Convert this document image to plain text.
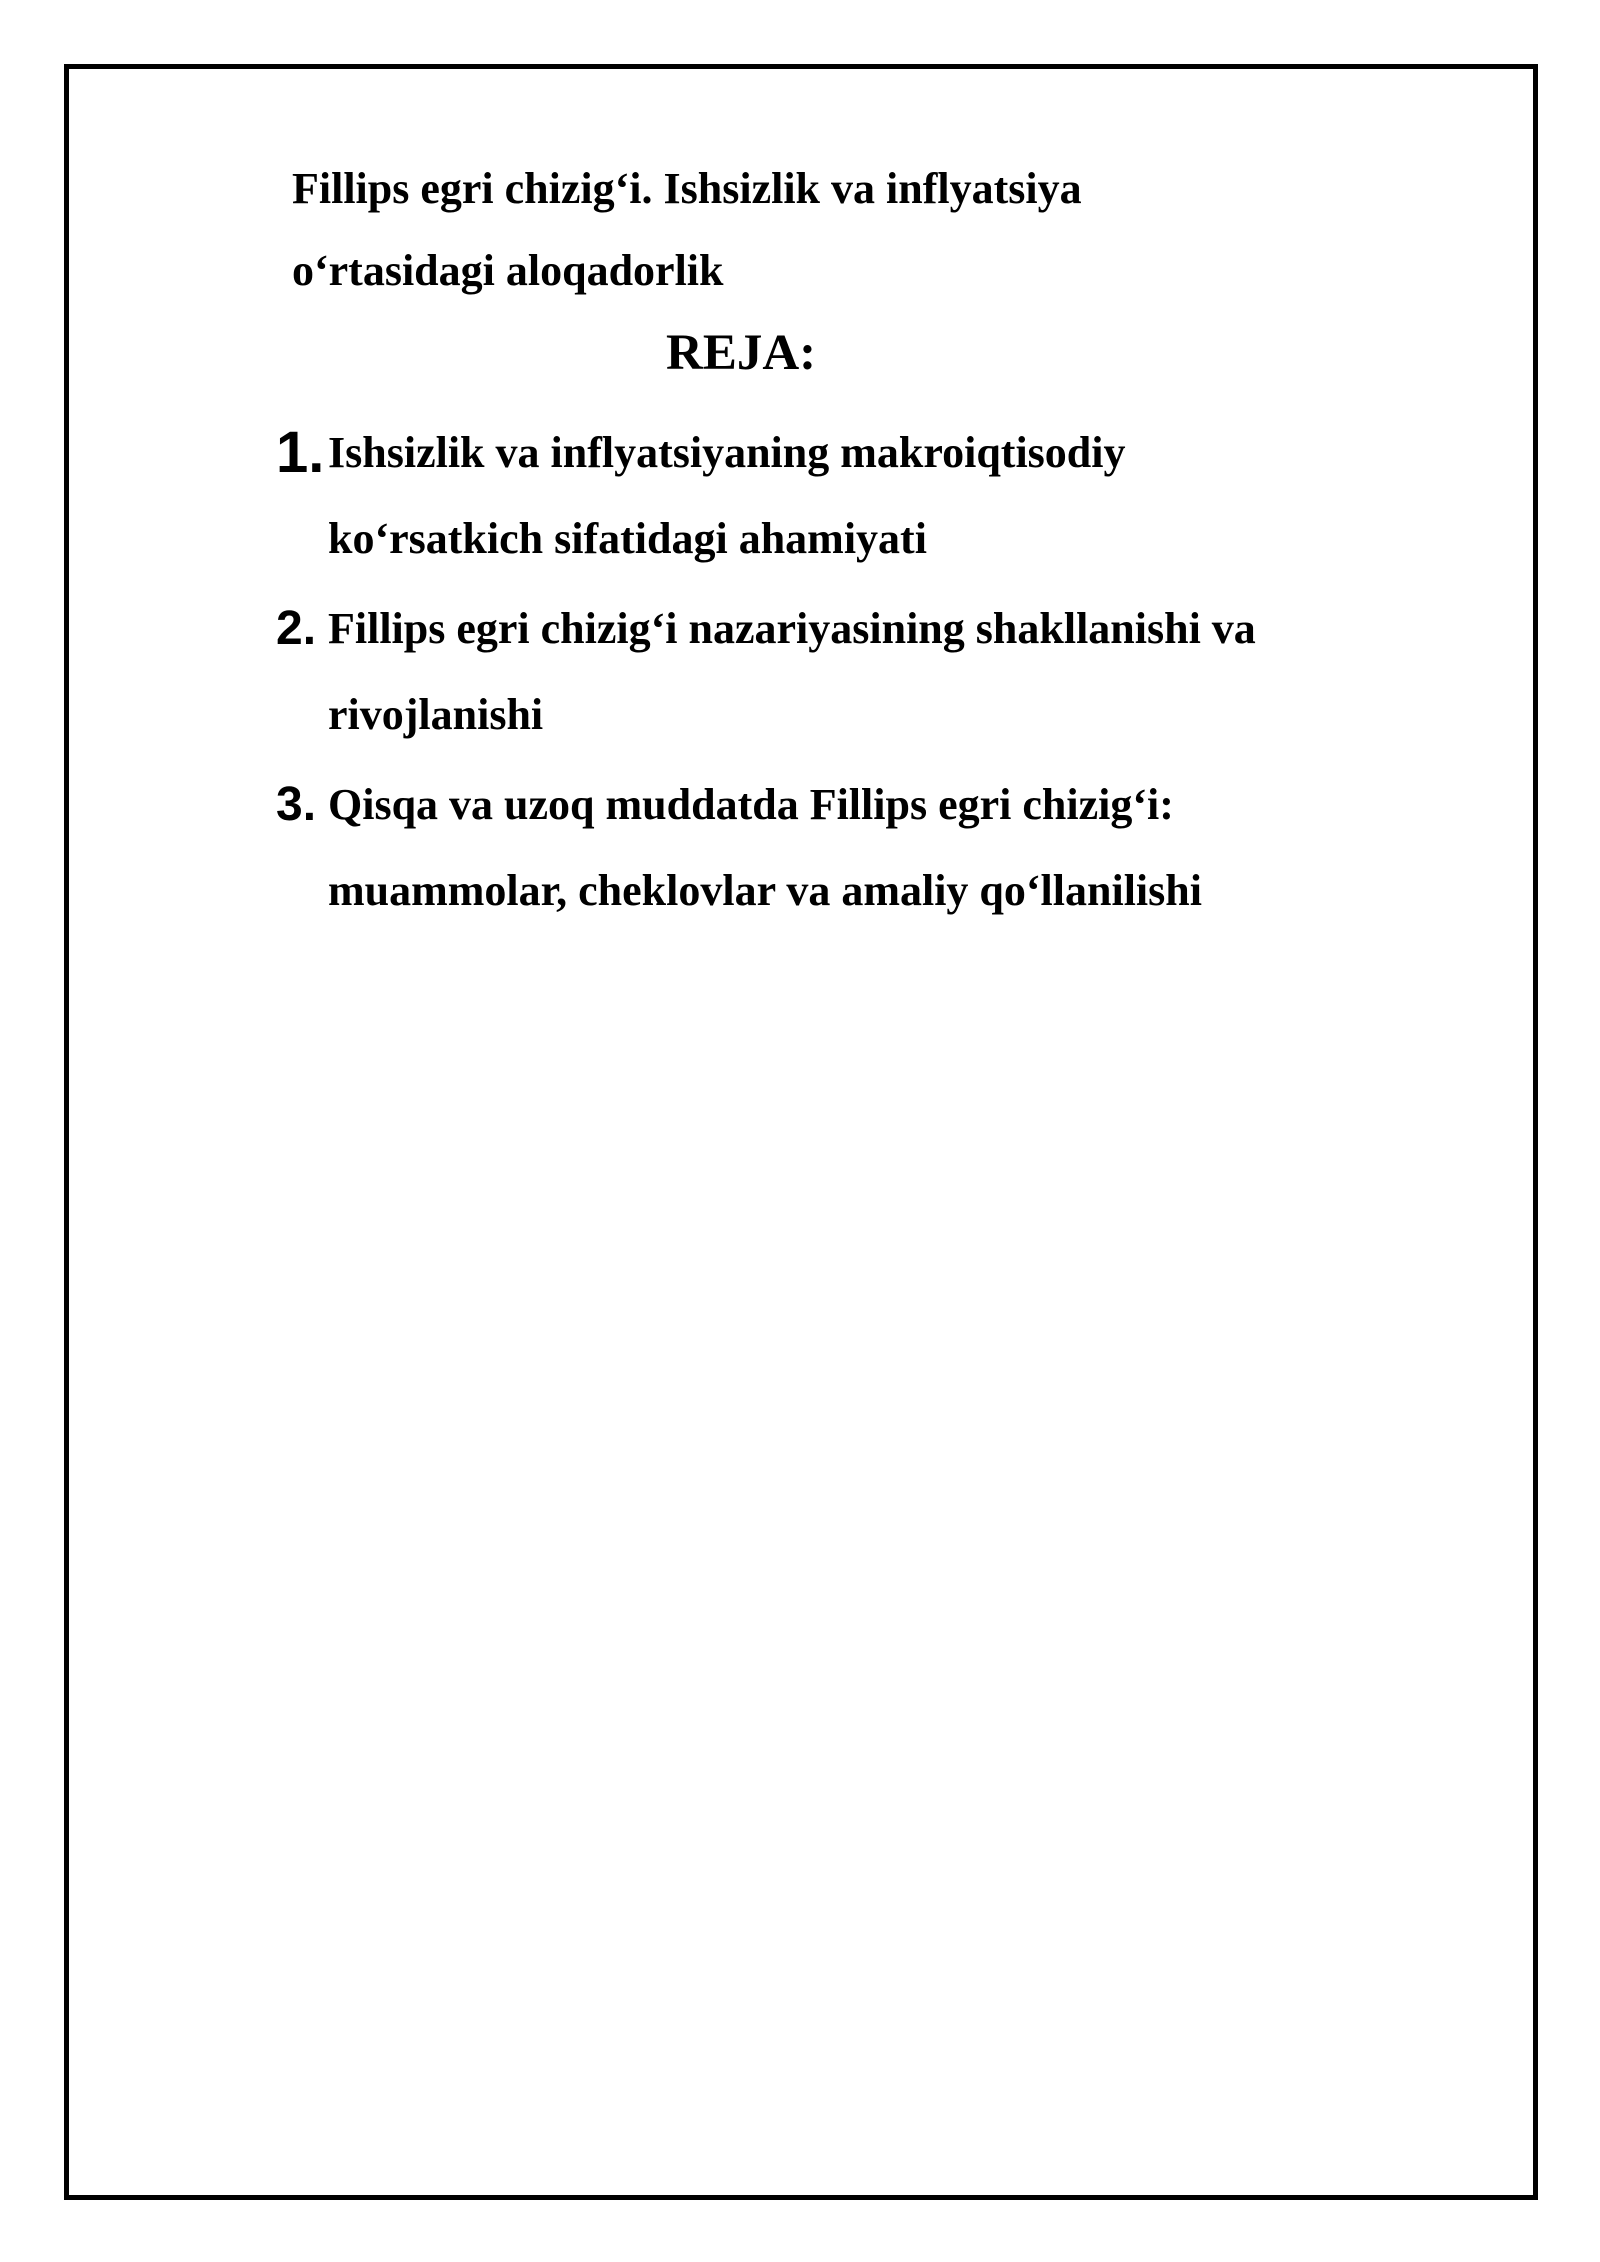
Fillips egri chizig‘i. Ishsizlik va inflyatsiya
o‘rtasidagi aloqadorlik
REJA:
1. Ishsizlik va inflyatsiyaning makroiqtisodiy
ko‘rsatkich sifatidagi ahamiyati
2. Fillips egri chizig‘i nazariyasining shakllanishi va
rivojlanishi
3. Qisqa va uzoq muddatda Fillips egri chizig‘i:
muammolar, cheklovlar va amaliy qo‘llanilishi
